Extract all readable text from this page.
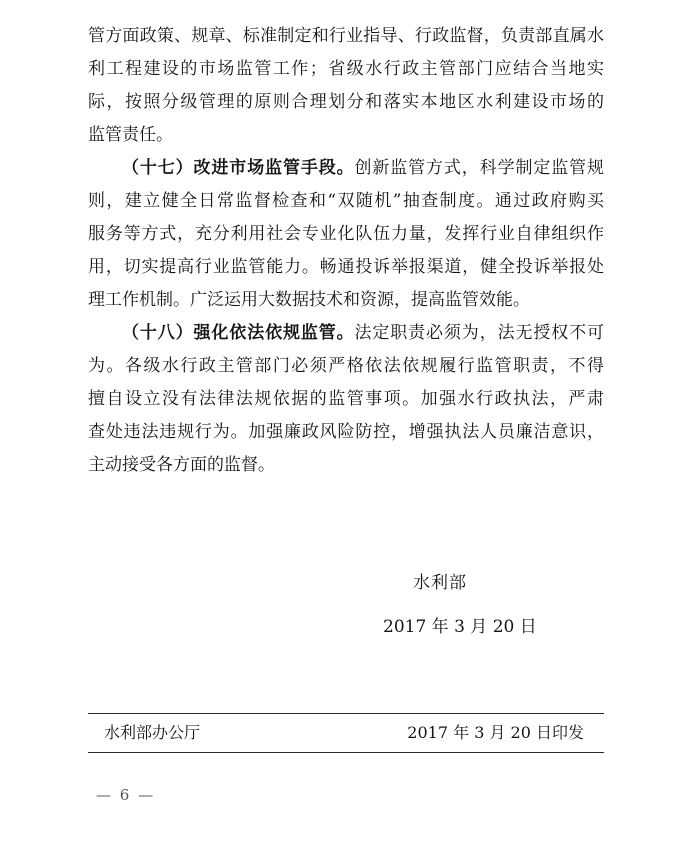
管方面政策、规章、标准制定和行业指导、行政监督，负责部直属水
利工程建设的市场监管工作；省级水行政主管部门应结合当地实
际，按照分级管理的原则合理划分和落实本地区水利建设市场的
监管责任。
（十七）改进市场监管手段。创新监管方式，科学制定监管规
则，建立健全日常监督检查和“双随机”抽查制度。通过政府购买
服务等方式，充分利用社会专业化队伍力量，发挥行业自律组织作
用，切实提高行业监管能力。畅通投诉举报渠道，健全投诉举报处
理工作机制。广泛运用大数据技术和资源，提高监管效能。
（十八）强化依法依规监管。法定职责必须为，法无授权不可
为。各级水行政主管部门必须严格依法依规履行监管职责，不得
擅自设立没有法律法规依据的监管事项。加强水行政执法，严肃
查处违法违规行为。加强廉政风险防控，增强执法人员廉洁意识，
主动接受各方面的监督。
水利部
2017 年 3 月 20 日
水利部办公厅	2017 年 3 月 20 日印发
— 6 —
